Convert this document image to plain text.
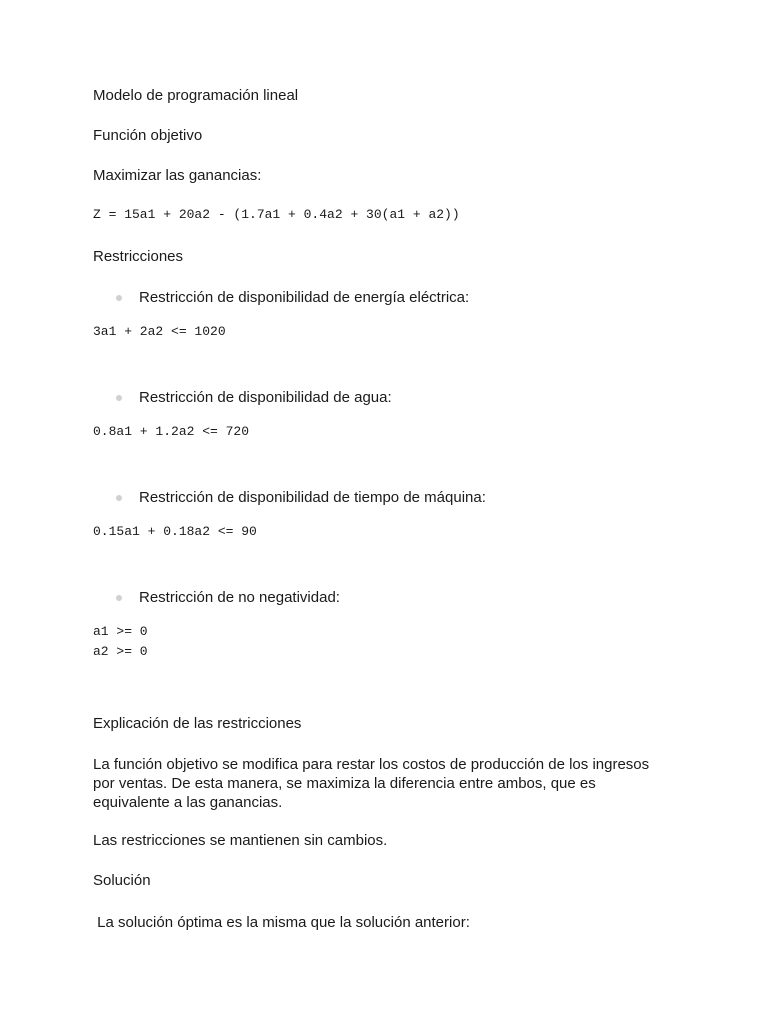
Modelo de programación lineal

Función objetivo

Maximizar las ganancias:

Z = 15a1 + 20a2 - (1.7a1 + 0.4a2 + 30(a1 + a2))

Restricciones

Restricción de disponibilidad de energía eléctrica:

3a1 + 2a2 <= 1020

Restricción de disponibilidad de agua:

0.8a1 + 1.2a2 <= 720

Restricción de disponibilidad de tiempo de máquina:

0.15a1 + 0.18a2 <= 90

Restricción de no negatividad:

a1 >= 0

a2 >= 0

Explicación de las restricciones

La función objetivo se modifica para restar los costos de producción de los ingresos por ventas. De esta manera, se maximiza la diferencia entre ambos, que es equivalente a las ganancias.

Las restricciones se mantienen sin cambios.

Solución

La solución óptima es la misma que la solución anterior:
